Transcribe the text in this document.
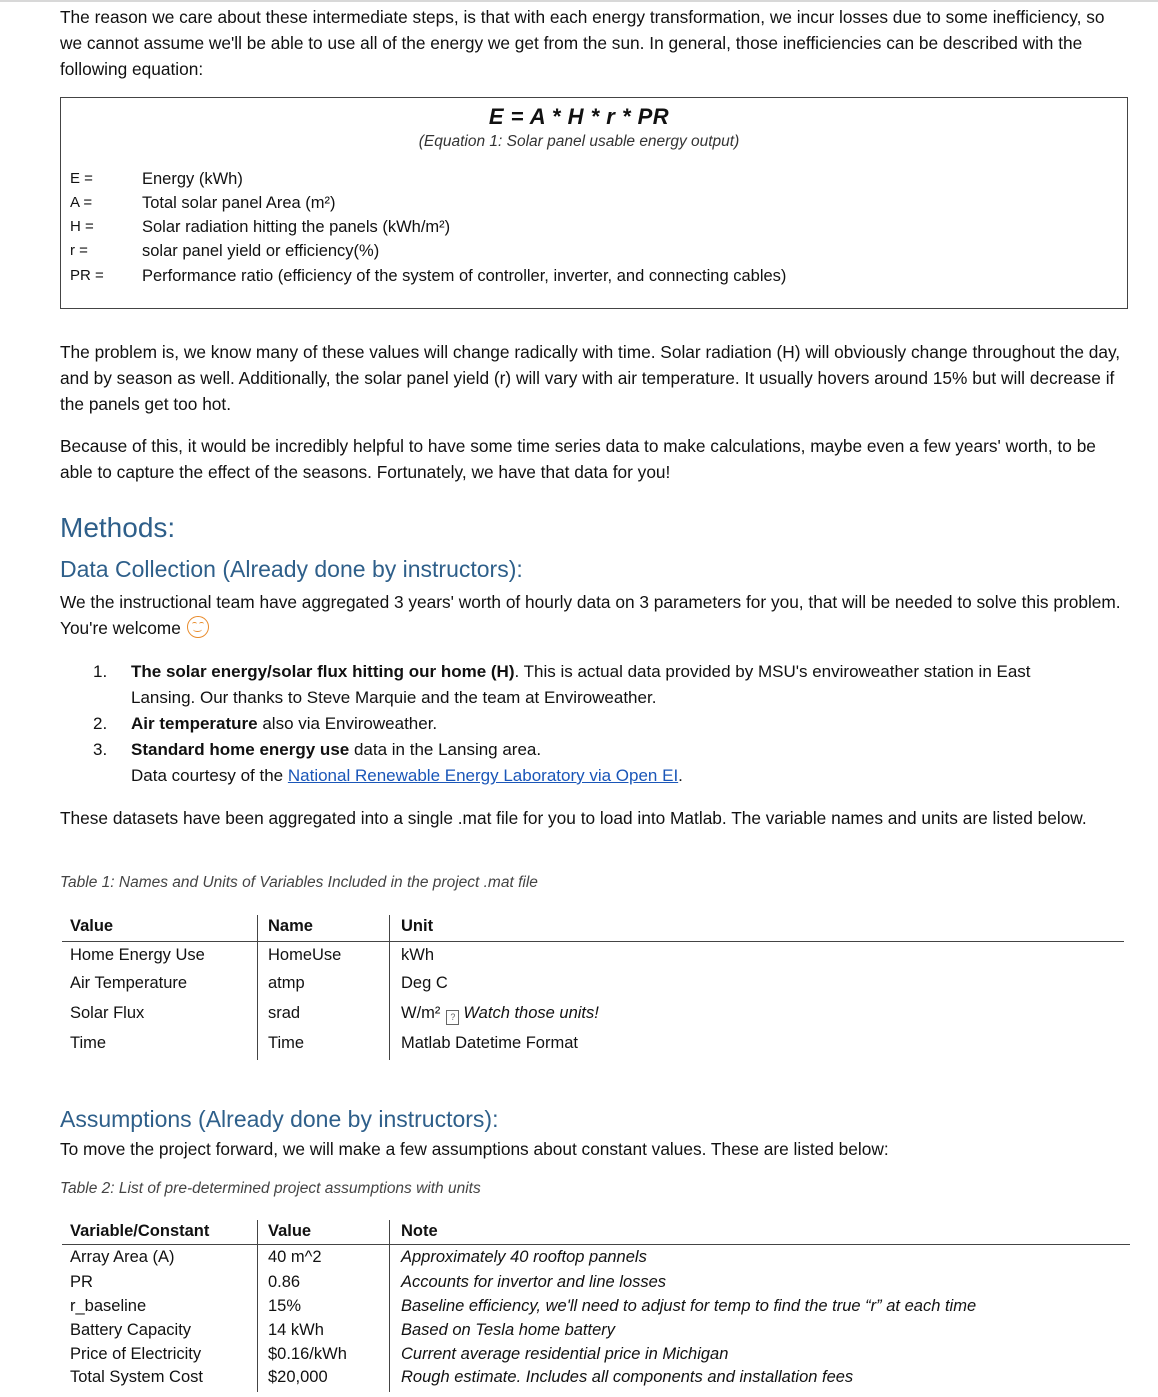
The reason we care about these intermediate steps, is that with each energy transformation, we incur losses due to some inefficiency, so we cannot assume we'll be able to use all of the energy we get from the sun. In general, those inefficiencies can be described with the following equation:

E = A * H * r * PR
(Equation 1: Solar panel usable energy output)
E =	Energy (kWh)
A =	Total solar panel Area (m²)
H =	Solar radiation hitting the panels (kWh/m²)
r =	solar panel yield or efficiency(%)
PR =	Performance ratio (efficiency of the system of controller, inverter, and connecting cables)

The problem is, we know many of these values will change radically with time. Solar radiation (H) will obviously change throughout the day, and by season as well. Additionally, the solar panel yield (r) will vary with air temperature. It usually hovers around 15% but will decrease if the panels get too hot.

Because of this, it would be incredibly helpful to have some time series data to make calculations, maybe even a few years' worth, to be able to capture the effect of the seasons. Fortunately, we have that data for you!

Methods:
Data Collection (Already done by instructors):

We the instructional team have aggregated 3 years' worth of hourly data on 3 parameters for you, that will be needed to solve this problem. You're welcome

1. The solar energy/solar flux hitting our home (H). This is actual data provided by MSU's enviroweather station in East Lansing. Our thanks to Steve Marquie and the team at Enviroweather.
2. Air temperature also via Enviroweather.
3. Standard home energy use data in the Lansing area.
Data courtesy of the National Renewable Energy Laboratory via Open EI.

These datasets have been aggregated into a single .mat file for you to load into Matlab. The variable names and units are listed below.

Table 1: Names and Units of Variables Included in the project .mat file
Value	Name	Unit
Home Energy Use	HomeUse	kWh
Air Temperature	atmp	Deg C
Solar Flux	srad	W/m² ? Watch those units!
Time	Time	Matlab Datetime Format
Assumptions (Already done by instructors):

To move the project forward, we will make a few assumptions about constant values. These are listed below:

Table 2: List of pre-determined project assumptions with units
Variable/Constant	Value	Note
Array Area (A)	40 m^2	Approximately 40 rooftop pannels
PR	0.86	Accounts for invertor and line losses
r_baseline	15%	Baseline efficiency, we'll need to adjust for temp to find the true “r” at each time
Battery Capacity	14 kWh	Based on Tesla home battery
Price of Electricity	$0.16/kWh	Current average residential price in Michigan
Total System Cost	$20,000	Rough estimate. Includes all components and installation fees
